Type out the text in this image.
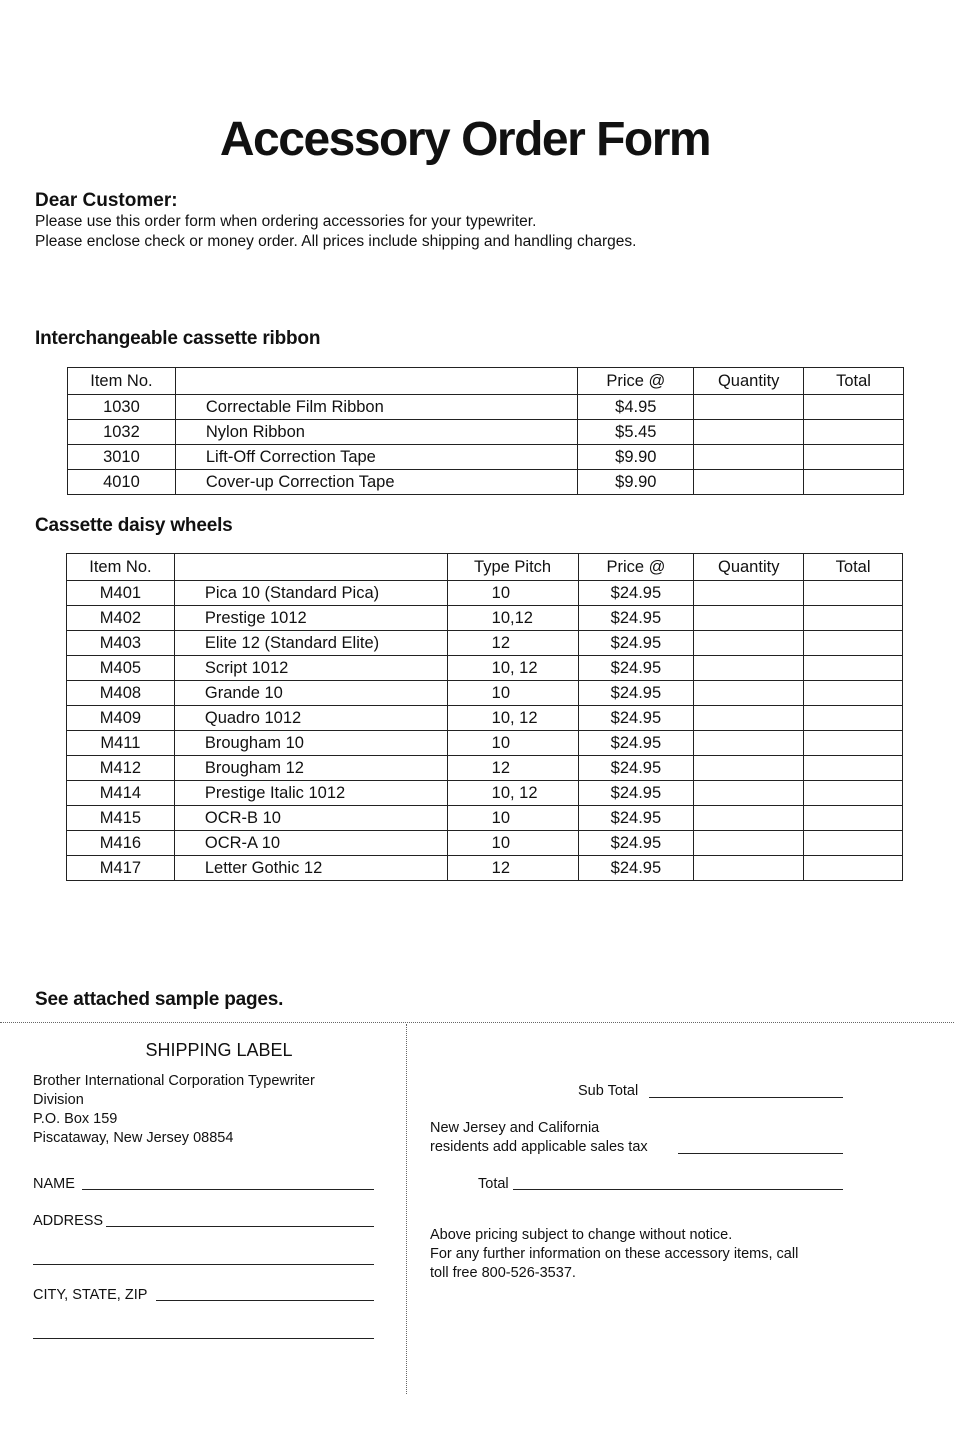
Accessory Order Form
Dear Customer:
Please use this order form when ordering accessories for your typewriter.
Please enclose check or money order. All prices include shipping and handling charges.
Interchangeable cassette ribbon
Item No.		Price @	Quantity	Total
1030	Correctable Film Ribbon	$4.95		
1032	Nylon Ribbon	$5.45		
3010	Lift-Off Correction Tape	$9.90		
4010	Cover-up Correction Tape	$9.90		
Cassette daisy wheels
Item No.		Type Pitch	Price @	Quantity	Total
M401	Pica 10 (Standard Pica)	10	$24.95		
M402	Prestige 1012	10,12	$24.95		
M403	Elite 12 (Standard Elite)	12	$24.95		
M405	Script 1012	10, 12	$24.95		
M408	Grande 10	10	$24.95		
M409	Quadro 1012	10, 12	$24.95		
M411	Brougham 10	10	$24.95		
M412	Brougham 12	12	$24.95		
M414	Prestige Italic 1012	10, 12	$24.95		
M415	OCR-B 10	10	$24.95		
M416	OCR-A 10	10	$24.95		
M417	Letter Gothic 12	12	$24.95		
See attached sample pages.
SHIPPING LABEL
Brother International Corporation Typewriter
Division
P.O. Box 159
Piscataway, New Jersey 08854
NAME
ADDRESS
CITY, STATE, ZIP
Sub Total
New Jersey and California
residents add applicable sales tax
Total
Above pricing subject to change without notice.
For any further information on these accessory items, call
toll free 800-526-3537.
